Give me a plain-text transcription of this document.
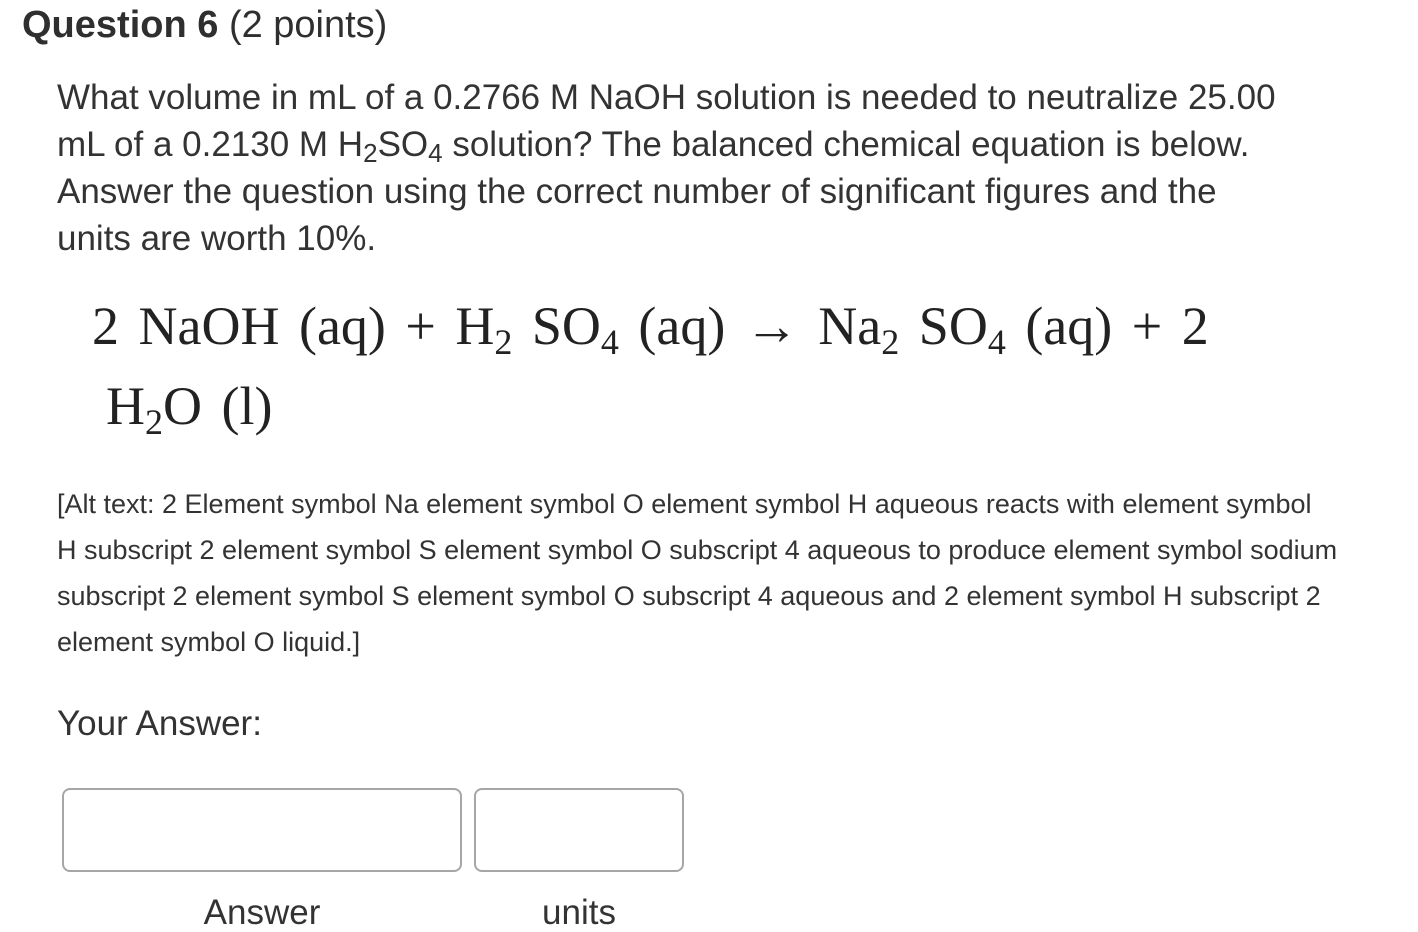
Question 6 (2 points)
What volume in mL of a 0.2766 M NaOH solution is needed to neutralize 25.00
mL of a 0.2130 M $H_2SO_4$ solution? The balanced chemical equation is below.
Answer the question using the correct number of significant figures and the
units are worth 10%.
2 NaOH $(aq) + H_2$ $SO_4$ $(aq) \to Na_2$ $SO_4$ (aq) + 2
$H_2O$ (l)
[Alt text: 2 Element symbol Na element symbol O element symbol H aqueous reacts with element symbol
H subscript 2 element symbol S element symbol O subscript 4 aqueous to produce element symbol sodium
subscript 2 element symbol S element symbol O subscript 4 aqueous and 2 element symbol H subscript 2
element symbol O liquid.]
Your Answer:
Answer	units
